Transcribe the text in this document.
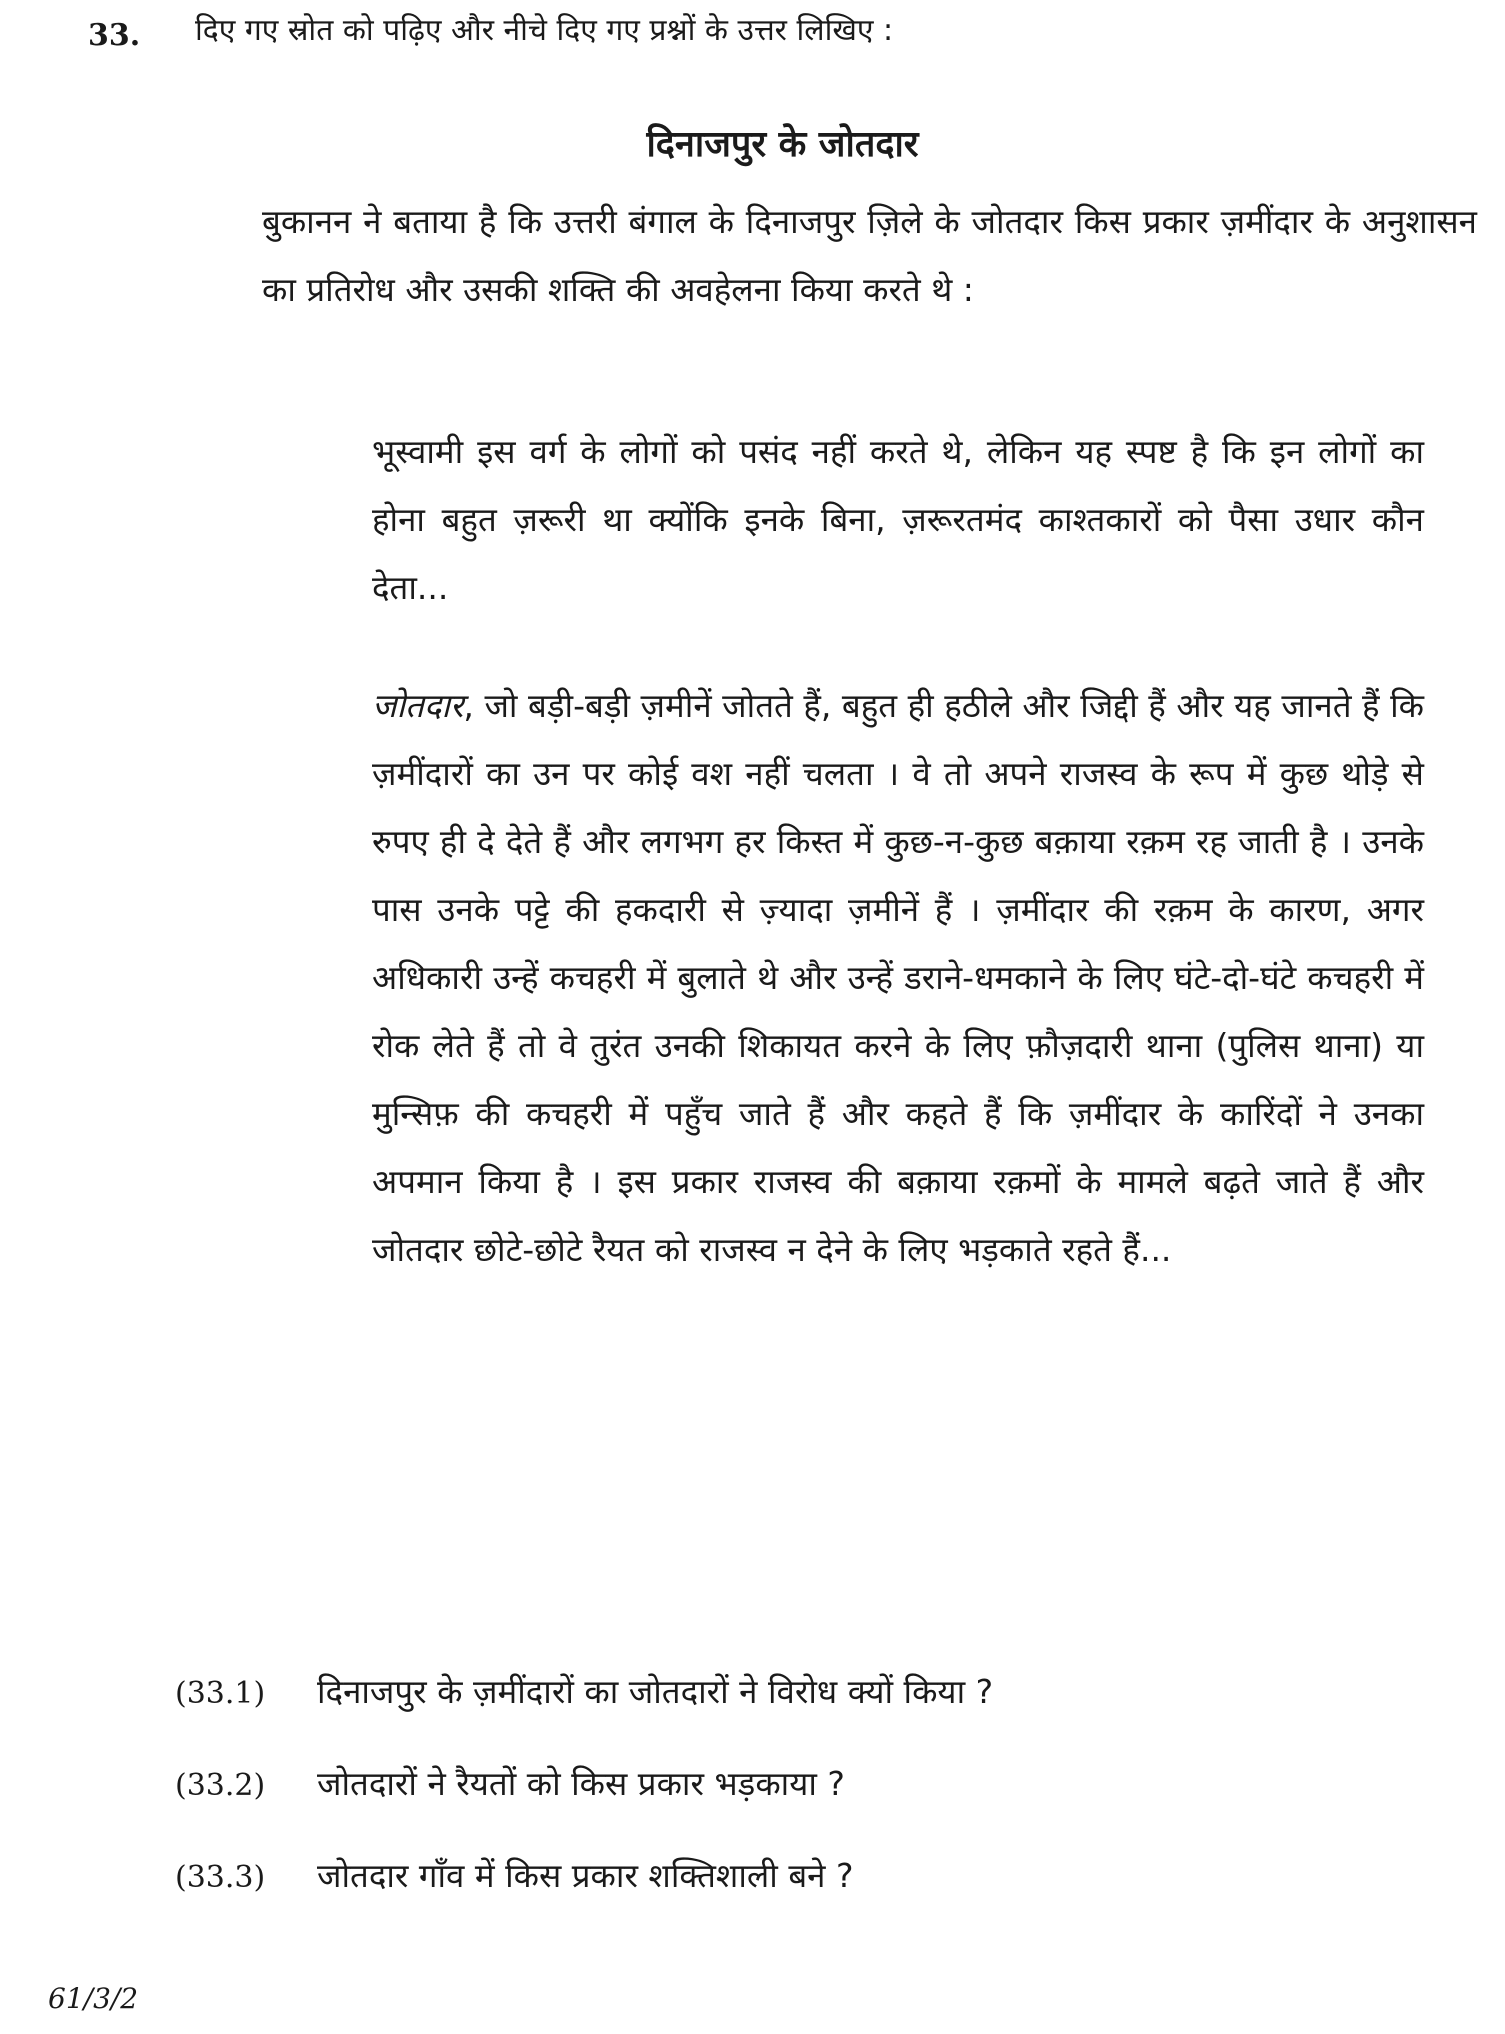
33. दिए गए स्रोत को पढ़िए और नीचे दिए गए प्रश्नों के उत्तर लिखिए :
दिनाजपुर के जोतदार
बुकानन ने बताया है कि उत्तरी बंगाल के दिनाजपुर ज़िले के जोतदार किस प्रकार ज़मींदार के अनुशासन का प्रतिरोध और उसकी शक्ति की अवहेलना किया करते थे :
भूस्वामी इस वर्ग के लोगों को पसंद नहीं करते थे, लेकिन यह स्पष्ट है कि इन लोगों का होना बहुत ज़रूरी था क्योंकि इनके बिना, ज़रूरतमंद काश्तकारों को पैसा उधार कौन देता...
जोतदार, जो बड़ी-बड़ी ज़मीनें जोतते हैं, बहुत ही हठीले और जिद्दी हैं और यह जानते हैं कि ज़मींदारों का उन पर कोई वश नहीं चलता । वे तो अपने राजस्व के रूप में कुछ थोड़े से रुपए ही दे देते हैं और लगभग हर किस्त में कुछ-न-कुछ बक़ाया रक़म रह जाती है । उनके पास उनके पट्टे की हकदारी से ज़्यादा ज़मीनें हैं । ज़मींदार की रक़म के कारण, अगर अधिकारी उन्हें कचहरी में बुलाते थे और उन्हें डराने-धमकाने के लिए घंटे-दो-घंटे कचहरी में रोक लेते हैं तो वे तुरंत उनकी शिकायत करने के लिए फ़ौज़दारी थाना (पुलिस थाना) या मुन्सिफ़ की कचहरी में पहुँच जाते हैं और कहते हैं कि ज़मींदार के कारिंदों ने उनका अपमान किया है । इस प्रकार राजस्व की बक़ाया रक़मों के मामले बढ़ते जाते हैं और जोतदार छोटे-छोटे रैयत को राजस्व न देने के लिए भड़काते रहते हैं...
(33.1)	दिनाजपुर के ज़मींदारों का जोतदारों ने विरोध क्यों किया ?
(33.2)	जोतदारों ने रैयतों को किस प्रकार भड़काया ?
(33.3)	जोतदार गाँव में किस प्रकार शक्तिशाली बने ?
61/3/2
